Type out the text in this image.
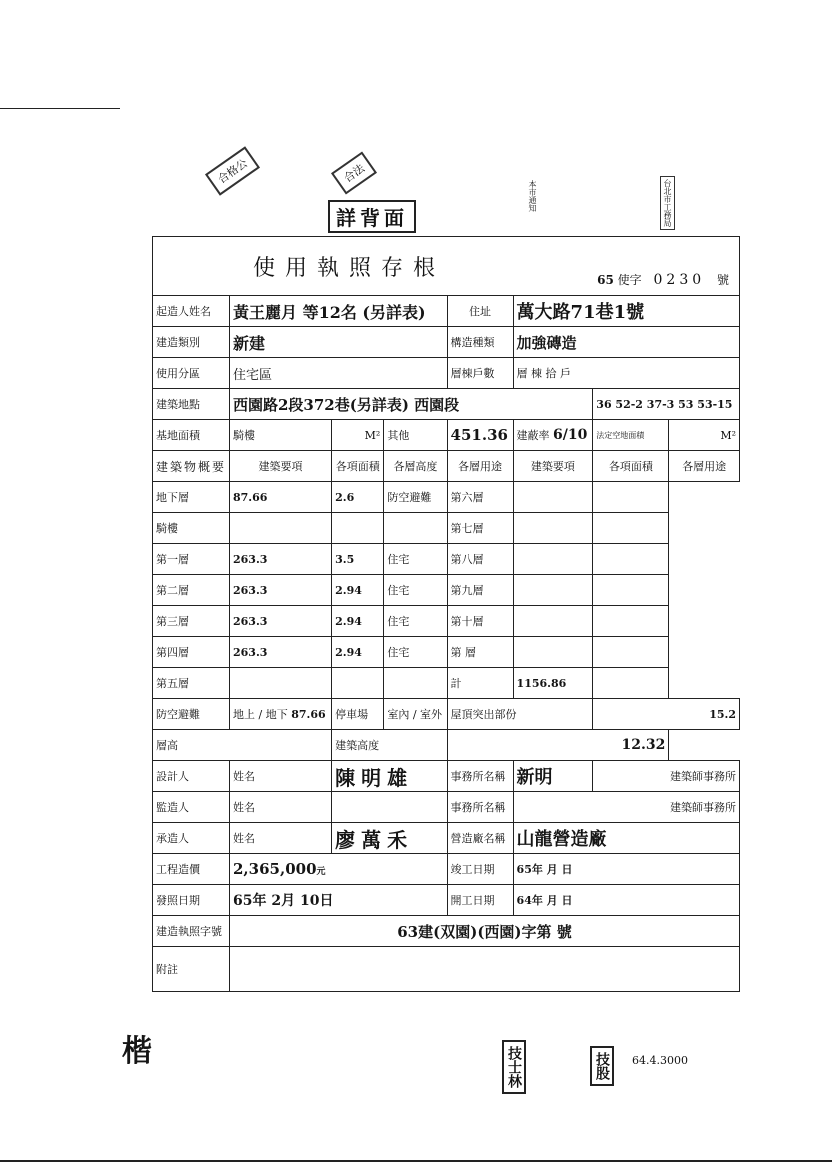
合格公	合法
本市通知	台北市工務局
詳背面
使用執照存根 65 使字 0230 號							

起造人姓名	黃王麗月 等12名 (另詳表)			住址	萬大路71巷1號		
建造類別	新建			構造種類	加強磚造		
使用分區	住宅區			層棟戶數	層 棟 拾 戶		
建築地點	西園路2段372巷(另詳表) 西園段					36 52-2 37-3 53 53-15	
基地面積	騎樓	M²	其他	451.36	建蔽率 6/10	法定空地面積	M²
建築物概要	建築要項	各項面積	各層高度	各層用途	建築要項	各項面積	各層用途
地下層	87.66	2.6	防空避難	第六層			
騎樓				第七層			
第一層	263.3	3.5	住宅	第八層			
第二層	263.3	2.94	住宅	第九層			
第三層	263.3	2.94	住宅	第十層			
第四層	263.3	2.94	住宅	第 層			
第五層				計	1156.86		
防空避難	地上 / 地下 87.66	停車場	室內 / 室外	屋頂突出部份		15.2	
層高		建築高度		12.32			
設計人	姓名	陳明雄		事務所名稱	新明	建築師事務所	
監造人	姓名			事務所名稱	建築師事務所		
承造人	姓名	廖萬禾		營造廠名稱	山龍營造廠		
工程造價	2,365,000元			竣工日期	65年 月 日		
發照日期	65年 2月 10日			開工日期	64年 月 日		
建造執照字號	63建(双園)(西園)字第 號						
附註							
技士林	技股	64.4.3000
楷
